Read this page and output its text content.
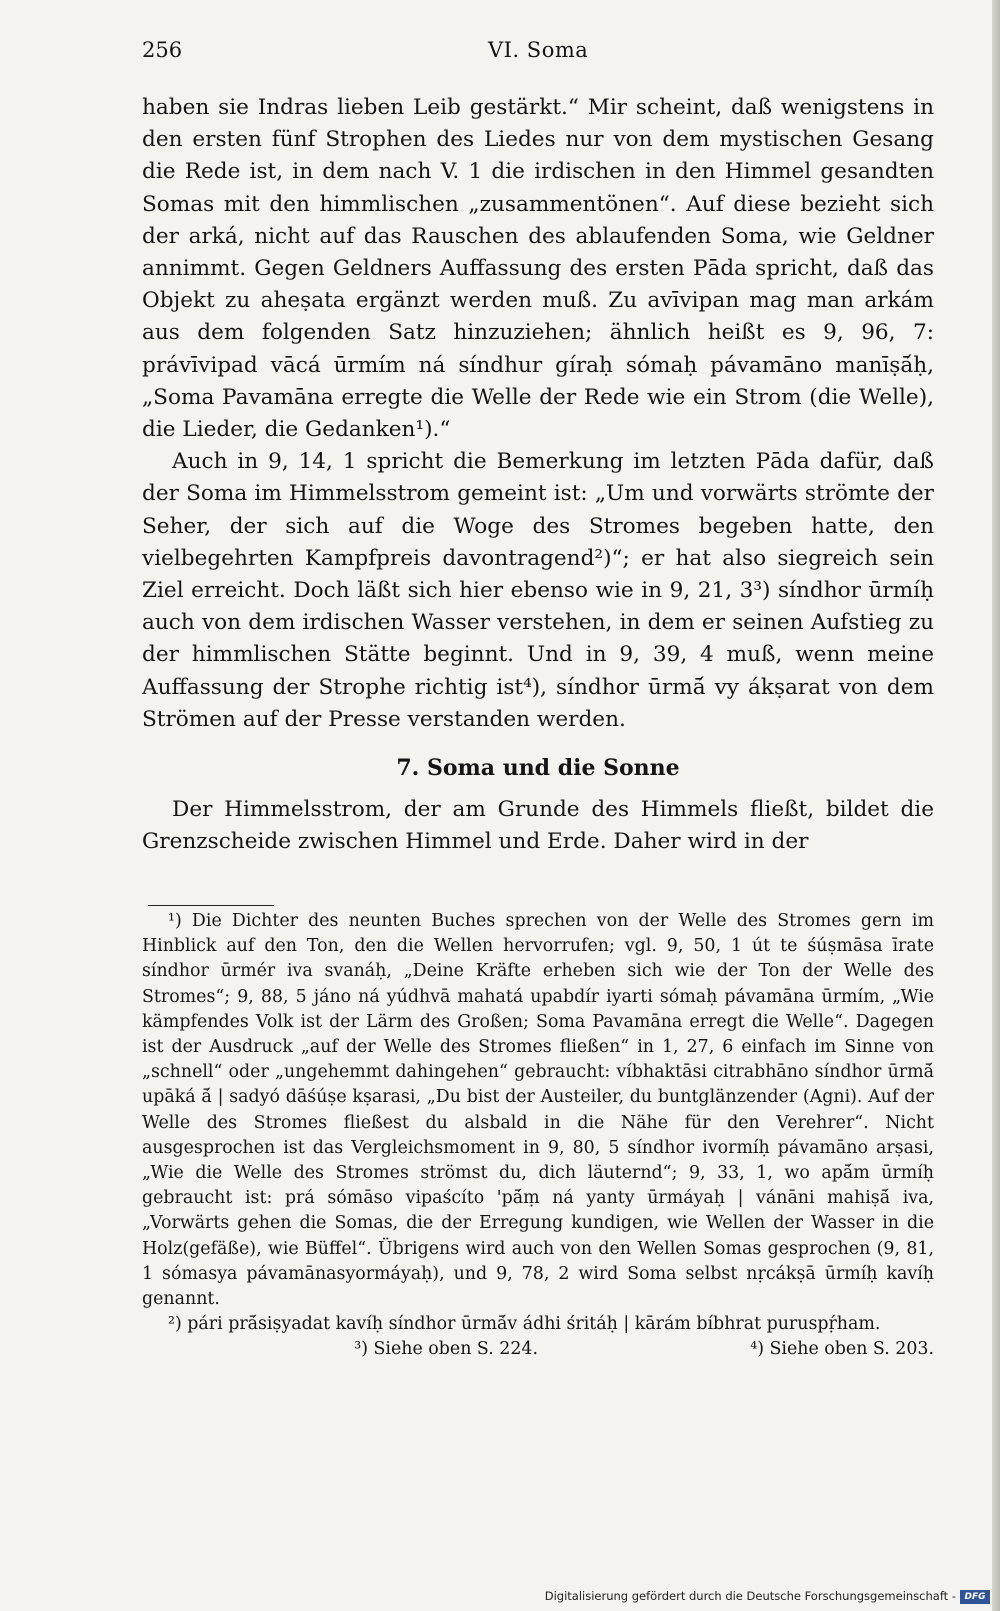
256	VI. Soma

haben sie Indras lieben Leib gestärkt.“ Mir scheint, daß wenigstens in den ersten fünf Strophen des Liedes nur von dem mystischen Gesang die Rede ist, in dem nach V. 1 die irdischen in den Himmel gesandten Somas mit den himmlischen „zusammentönen“. Auf diese bezieht sich der arká, nicht auf das Rauschen des ablaufenden Soma, wie Geldner annimmt. Gegen Geldners Auffassung des ersten Pāda spricht, daß das Objekt zu aheṣata ergänzt werden muß. Zu avīvipan mag man arkám aus dem folgenden Satz hinzuziehen; ähnlich heißt es 9, 96, 7: právīvipad vācá ūrmím ná síndhur gíraḥ sómaḥ pávamāno manīṣā́ḥ, „Soma Pavamāna erregte die Welle der Rede wie ein Strom (die Welle), die Lieder, die Gedanken¹).“

Auch in 9, 14, 1 spricht die Bemerkung im letzten Pāda dafür, daß der Soma im Himmelsstrom gemeint ist: „Um und vorwärts strömte der Seher, der sich auf die Woge des Stromes begeben hatte, den vielbegehrten Kampfpreis davontragend²)“; er hat also siegreich sein Ziel erreicht. Doch läßt sich hier ebenso wie in 9, 21, 3³) síndhor ūrmíḥ auch von dem irdischen Wasser verstehen, in dem er seinen Aufstieg zu der himmlischen Stätte beginnt. Und in 9, 39, 4 muß, wenn meine Auffassung der Strophe richtig ist⁴), síndhor ūrmā́ vy ákṣarat von dem Strömen auf der Presse verstanden werden.

7. Soma und die Sonne

Der Himmelsstrom, der am Grunde des Himmels fließt, bildet die Grenzscheide zwischen Himmel und Erde. Daher wird in der

¹) Die Dichter des neunten Buches sprechen von der Welle des Stromes gern im Hinblick auf den Ton, den die Wellen hervorrufen; vgl. 9, 50, 1 út te śúṣmāsa īrate síndhor ūrmér iva svanáḥ, „Deine Kräfte erheben sich wie der Ton der Welle des Stromes“; 9, 88, 5 jáno ná yúdhvā mahatá upabdír iyarti sómaḥ pávamāna ūrmím, „Wie kämpfendes Volk ist der Lärm des Großen; Soma Pavamāna erregt die Welle“. Dagegen ist der Ausdruck „auf der Welle des Stromes fließen“ in 1, 27, 6 einfach im Sinne von „schnell“ oder „ungehemmt dahingehen“ gebraucht: víbhaktāsi citrabhāno síndhor ūrmā́ upāká ā́ | sadyó dāśúṣe kṣarasi, „Du bist der Austeiler, du buntglänzender (Agni). Auf der Welle des Stromes fließest du alsbald in die Nähe für den Verehrer“. Nicht ausgesprochen ist das Vergleichsmoment in 9, 80, 5 síndhor ivormíḥ pávamāno arṣasi, „Wie die Welle des Stromes strömst du, dich läuternd“; 9, 33, 1, wo apā́m ūrmíḥ gebraucht ist: prá sómāso vipaścíto 'pā́ṃ ná yanty ūrmáyaḥ | vánāni mahiṣā́ iva, „Vorwärts gehen die Somas, die der Erregung kundigen, wie Wellen der Wasser in die Holz(gefäße), wie Büffel“. Übrigens wird auch von den Wellen Somas gesprochen (9, 81, 1 sómasya pávamānasyormáyaḥ), und 9, 78, 2 wird Soma selbst nṛcákṣā ūrmíḥ kavíḥ genannt.

²) pári prā́siṣyadat kavíḥ síndhor ūrmā́v ádhi śritáḥ | kārám bíbhrat puruspṛ́ham.

³) Siehe oben S. 224.	⁴) Siehe oben S. 203.

Digitalisierung gefördert durch die Deutsche Forschungsgemeinschaft - DFG
